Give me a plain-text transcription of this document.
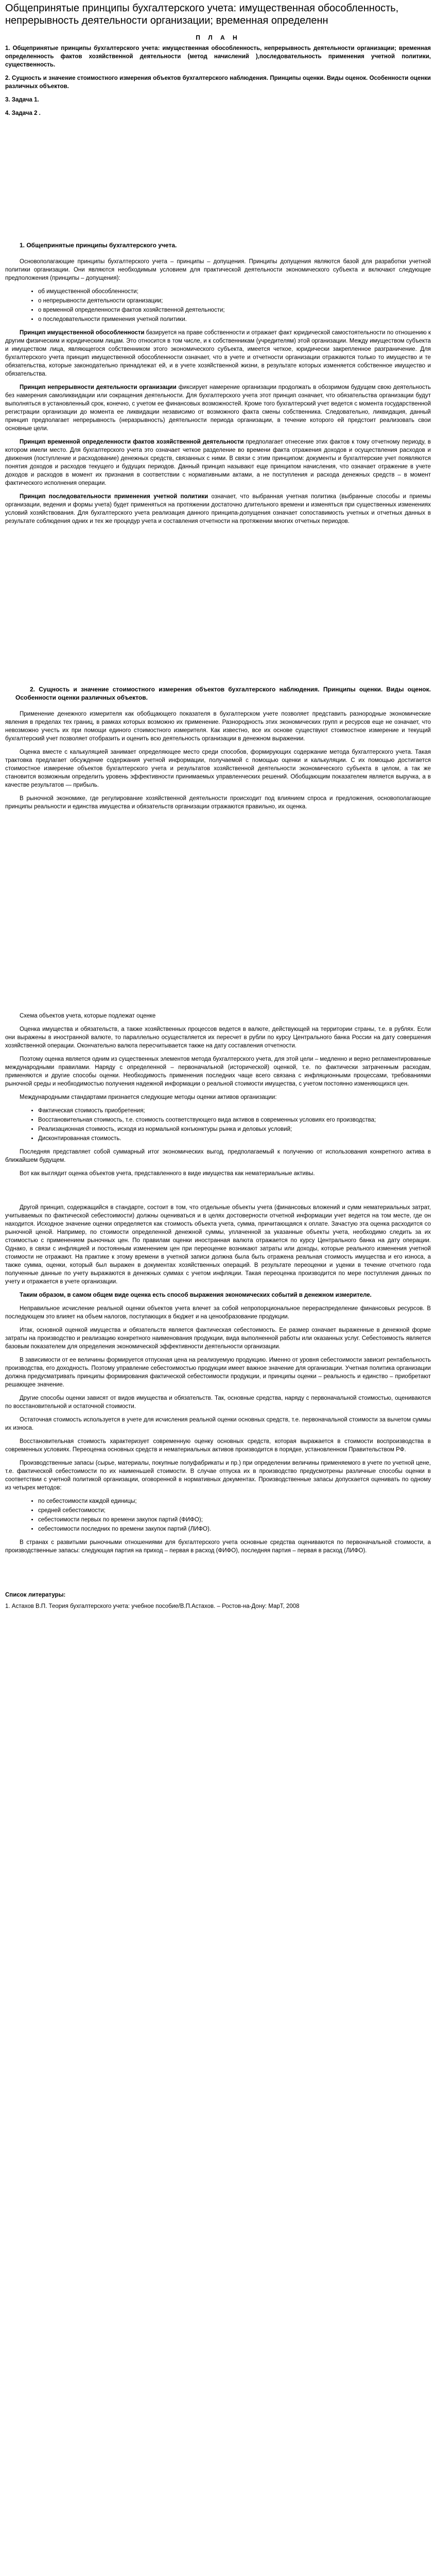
Общепринятые принципы бухгалтерского учета: имущественная обособленность, непрерывность деятельности организации; временная определенн

П Л А Н

1. Общепринятые принципы бухгалтерского учета: имущественная обособленность, непрерывность деятельности организации; временная определенность фактов хозяйственной деятельности (метод начислений ),последовательность применения учетной политики, существенность.

2. Сущность и значение стоимостного измерения объектов бухгалтерского наблюдения. Принципы оценки. Виды оценок. Особенности оценки различных объектов.

3. Задача 1.

4. Задача 2 .

1. Общепринятые принципы бухгалтерского учета.

Основополагающие принципы бухгалтерского учета – принципы – допущения. Принципы допущения являются базой для разработки учетной политики организации. Они являются необходимым условием для практической деятельности экономического субъекта и включают следующие предположения (принципы – допущения):

• об имущественной обособленности;
• о непрерывности деятельности организации;
• о временной определенности фактов хозяйственной деятельности;
• о последовательности применения учетной политики.

Принцип имущественной обособленности базируется на праве собственности и отражает факт юридической самостоятельности по отношению к другим физическим и юридическим лицам. Это относится в том числе, и к собственникам (учредителям) этой организации. Между имуществом субъекта и имуществом лица, являющегося собственником этого экономического субъекта, имеется четкое, юридически закрепленное разграничение. Для бухгалтерского учета принцип имущественной обособленности означает, что в учете и отчетности организации отражаются только то имущество и те обязательства, которые законодательно принадлежат ей, и в учете хозяйственной жизни, в результате которых изменяется собственное имущество и обязательства.

Принцип непрерывности деятельности организации фиксирует намерение организации продолжать в обозримом будущем свою деятельность без намерения самоликвидации или сокращения деятельности. Для бухгалтерского учета этот принцип означает, что обязательства организации будут выполняться в установленный срок, конечно, с учетом ее финансовых возможностей. Кроме того бухгалтерский учет ведется с момента государственной регистрации организации до момента ее ликвидации независимо от возможного факта смены собственника. Следовательно, ликвидация, данный принцип предполагает непрерывность (неразрывность) деятельности периода организации, в течение которого ей предстоит реализовать свои основные цели.

Принцип временной определенности фактов хозяйственной деятельности предполагает отнесение этих фактов к тому отчетному периоду, в котором имели место. Для бухгалтерского учета это означает четкое разделение во времени факта отражения доходов и осуществления расходов и движения (поступление и расходование) денежных средств, связанных с ними. В связи с этим принципом: документы и бухгалтерские учет появляются понятия доходов и расходов текущего и будущих периодов. Данный принцип называют еще принципом начисления, что означает отражение в учете доходов и расходов в момент их признания в соответствии с нормативными актами, а не поступления и расхода денежных средств – в момент фактического исполнения операции.

Принцип последовательности применения учетной политики означает, что выбранная учетная политика (выбранные способы и приемы организации, ведения и формы учета) будет применяться на протяжении достаточно длительного времени и изменяться при существенных изменениях условий хозяйствования. Для бухгалтерского учета реализация данного принципа-допущения означает сопоставимость учетных и отчетных данных в результате соблюдения одних и тех же процедур учета и составления отчетности на протяжении многих отчетных периодов.

2. Сущность и значение стоимостного измерения объектов бухгалтерского наблюдения. Принципы оценки. Виды оценок. Особенности оценки различных объектов.

Применение денежного измерителя как обобщающего показателя в бухгалтерском учете позволяет представить разнородные экономические явления в пределах тех границ, в рамках которых возможно их применение. Разнородность этих экономических групп и ресурсов еще не означает, что невозможно учесть их при помощи единого стоимостного измерителя. Как известно, все их основе существуют стоимостное измерение и текущий бухгалтерский учет позволяет отобразить и оценить всю деятельность организации в денежном выражении.

Оценка вместе с калькуляцией занимает определяющее место среди способов, формирующих содержание метода бухгалтерского учета. Такая трактовка предлагает обсуждение содержания учетной информации, получаемой с помощью оценки и калькуляции. С их помощью достигается стоимостное измерение объектов бухгалтерского учета и результатов хозяйственной деятельности экономического субъекта в целом, а так же становится возможным определить уровень эффективности принимаемых управленческих решений. Обобщающим показателем является выручка, а в качестве результатов — прибыль.

В рыночной экономике, где регулирование хозяйственной деятельности происходит под влиянием спроса и предложения, основополагающие принципы реальности и единства имущества и обязательств организации отражаются правильно, их оценка.

Схема объектов учета, которые подлежат оценке

Оценка имущества и обязательств, а также хозяйственных процессов ведется в валюте, действующей на территории страны, т.е. в рублях. Если они выражены в иностранной валюте, то параллельно осуществляется их пересчет в рубли по курсу Центрального банка России на дату совершения хозяйственной операции. Окончательно валюта пересчитывается также на дату составления отчетности.

Поэтому оценка является одним из существенных элементов метода бухгалтерского учета, для этой цели – медленно и верно регламентированные международными правилами. Наряду с определенной – первоначальной (исторической) оценкой, т.е. по фактически затраченным расходам, применяются и другие способы оценки. Необходимость применения последних чаще всего связана с инфляционными процессами, требованиями рыночной среды и необходимостью получения надежной информации о реальной стоимости имущества, с учетом постоянно изменяющихся цен.

Международными стандартами признается следующие методы оценки активов организации:

• Фактическая стоимость приобретения;
• Восстановительная стоимость, т.е. стоимость соответствующего вида активов в современных условиях его производства;
• Реализационная стоимость, исходя из нормальной конъюнктуры рынка и деловых условий;
• Дисконтированная стоимость.

Последняя представляет собой суммарный итог экономических выгод, предполагаемый к получению от использования конкретного актива в ближайшем будущем.

Вот как выглядит оценка объектов учета, представленного в виде имущества как нематериальные активы.

Другой принцип, содержащийся в стандарте, состоит в том, что отдельные объекты учета (финансовых вложений и сумм нематериальных затрат, учитываемых по фактической себестоимости) должны оцениваться и в целях достоверности отчетной информации учет ведется на том месте, где он находится. Исходное значение оценки определяется как стоимость объекта учета, сумма, причитающаяся к оплате. Зачастую эта оценка расходится со рыночной ценой. Например, по стоимости определенной денежной суммы, уплаченной за указанные объекты учета, необходимо следить за их стоимостью с применением рыночных цен. По правилам оценки иностранная валюта отражается по курсу Центрального банка на дату операции. Однако, в связи с инфляцией и постоянным изменением цен при переоценке возникают затраты или доходы, которые реального изменения учетной стоимости не отражают. На практике к этому времени в учетной записи должна была быть отражена реальная стоимость имущества и его износа, а также сумма, оценки, который был выражен в документах хозяйственных операций. В результате переоценки и уценки в течение отчетного года полученные данные по учету выражаются в денежных суммах с учетом инфляции. Такая переоценка производится по мере поступления данных по учету и отражается в учете организации.

Таким образом, в самом общем виде оценка есть способ выражения экономических событий в денежном измерителе.

Неправильное исчисление реальной оценки объектов учета влечет за собой непропорциональное перераспределение финансовых ресурсов. В последующем это влияет на объем налогов, поступающих в бюджет и на ценообразование продукции.

Итак, основной оценкой имущества и обязательств является фактическая себестоимость. Ее размер означает выраженные в денежной форме затраты на производство и реализацию конкретного наименования продукции, вида выполненной работы или оказанных услуг. Себестоимость является базовым показателем для определения экономической эффективности деятельности организации.

В зависимости от ее величины формируется отпускная цена на реализуемую продукцию. Именно от уровня себестоимости зависит рентабельность производства, его доходность. Поэтому управление себестоимостью продукции имеет важное значение для организации. Учетная политика организации должна предусматривать принципы формирования фактической себестоимости продукции, и принципы оценки – реальность и единство – приобретают решающее значение.

Другие способы оценки зависят от видов имущества и обязательств. Так, основные средства, наряду с первоначальной стоимостью, оцениваются по восстановительной и остаточной стоимости.

Остаточная стоимость используется в учете для исчисления реальной оценки основных средств, т.е. первоначальной стоимости за вычетом суммы их износа.

Восстановительная стоимость характеризует современную оценку основных средств, которая выражается в стоимости воспроизводства в современных условиях. Переоценка основных средств и нематериальных активов производится в порядке, установленном Правительством РФ.

Производственные запасы (сырье, материалы, покупные полуфабрикаты и пр.) при определении величины применяемого в учете по учетной цене, т.е. фактической себестоимости по их наименьшей стоимости. В случае отпуска их в производство предусмотрены различные способы оценки в соответствии с учетной политикой организации, оговоренной в нормативных документах. Производственные запасы допускается оценивать по одному из четырех методов:

• по себестоимости каждой единицы;
• средней себестоимости;
• себестоимости первых по времени закупок партий (ФИФО);
• себестоимости последних по времени закупок партий (ЛИФО).

В странах с развитыми рыночными отношениями для бухгалтерского учета основные средства оцениваются по первоначальной стоимости, а производственные запасы: следующая партия на приход – первая в расход (ФИФО), последняя партия – первая в расход (ЛИФО).

Список литературы:

1. Астахов В.П. Теория бухгалтерского учета: учебное пособие/В.П.Астахов. – Ростов-на-Дону: МарТ, 2008
